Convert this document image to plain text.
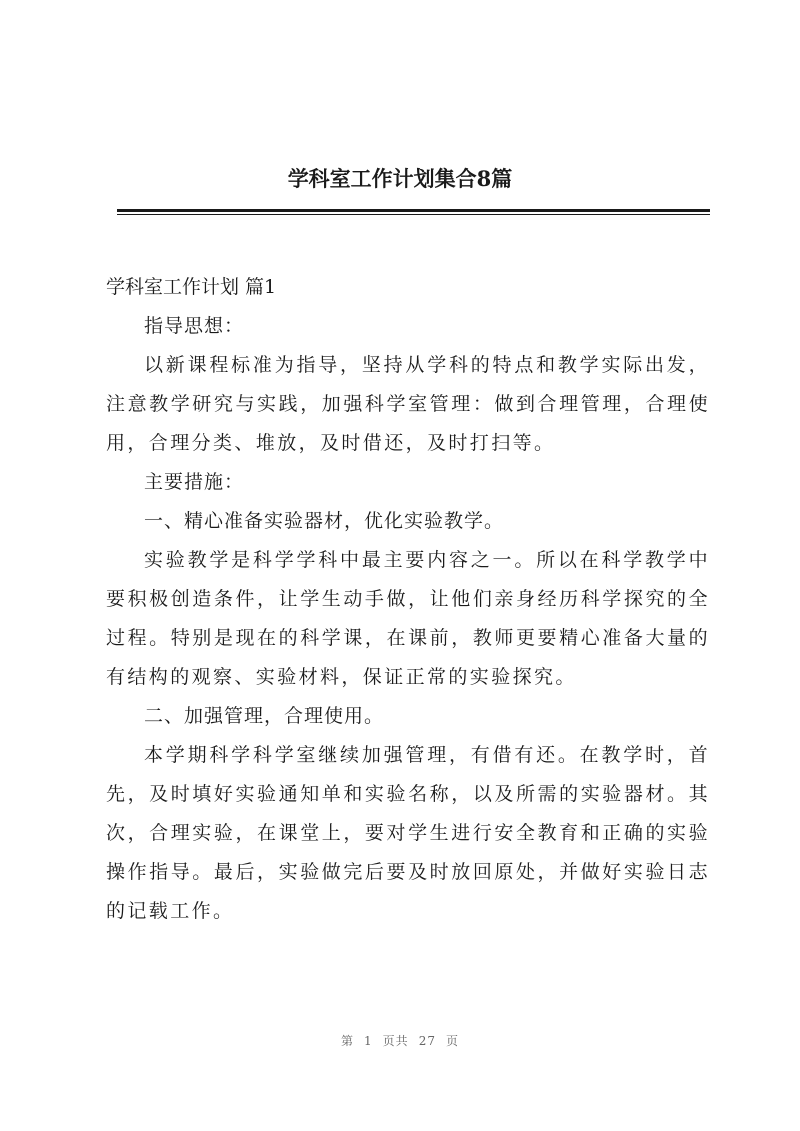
学科室工作计划集合8篇
学科室工作计划 篇1

指导思想：

以新课程标准为指导，坚持从学科的特点和教学实际出发，注意教学研究与实践，加强科学室管理：做到合理管理，合理使用，合理分类、堆放，及时借还，及时打扫等。

主要措施：

一、精心准备实验器材，优化实验教学。

实验教学是科学学科中最主要内容之一。所以在科学教学中要积极创造条件，让学生动手做，让他们亲身经历科学探究的全过程。特别是现在的科学课，在课前，教师更要精心准备大量的有结构的观察、实验材料，保证正常的实验探究。

二、加强管理，合理使用。

本学期科学科学室继续加强管理，有借有还。在教学时，首先，及时填好实验通知单和实验名称，以及所需的实验器材。其次，合理实验，在课堂上，要对学生进行安全教育和正确的实验操作指导。最后，实验做完后要及时放回原处，并做好实验日志的记载工作。

第 1 页共 27 页
